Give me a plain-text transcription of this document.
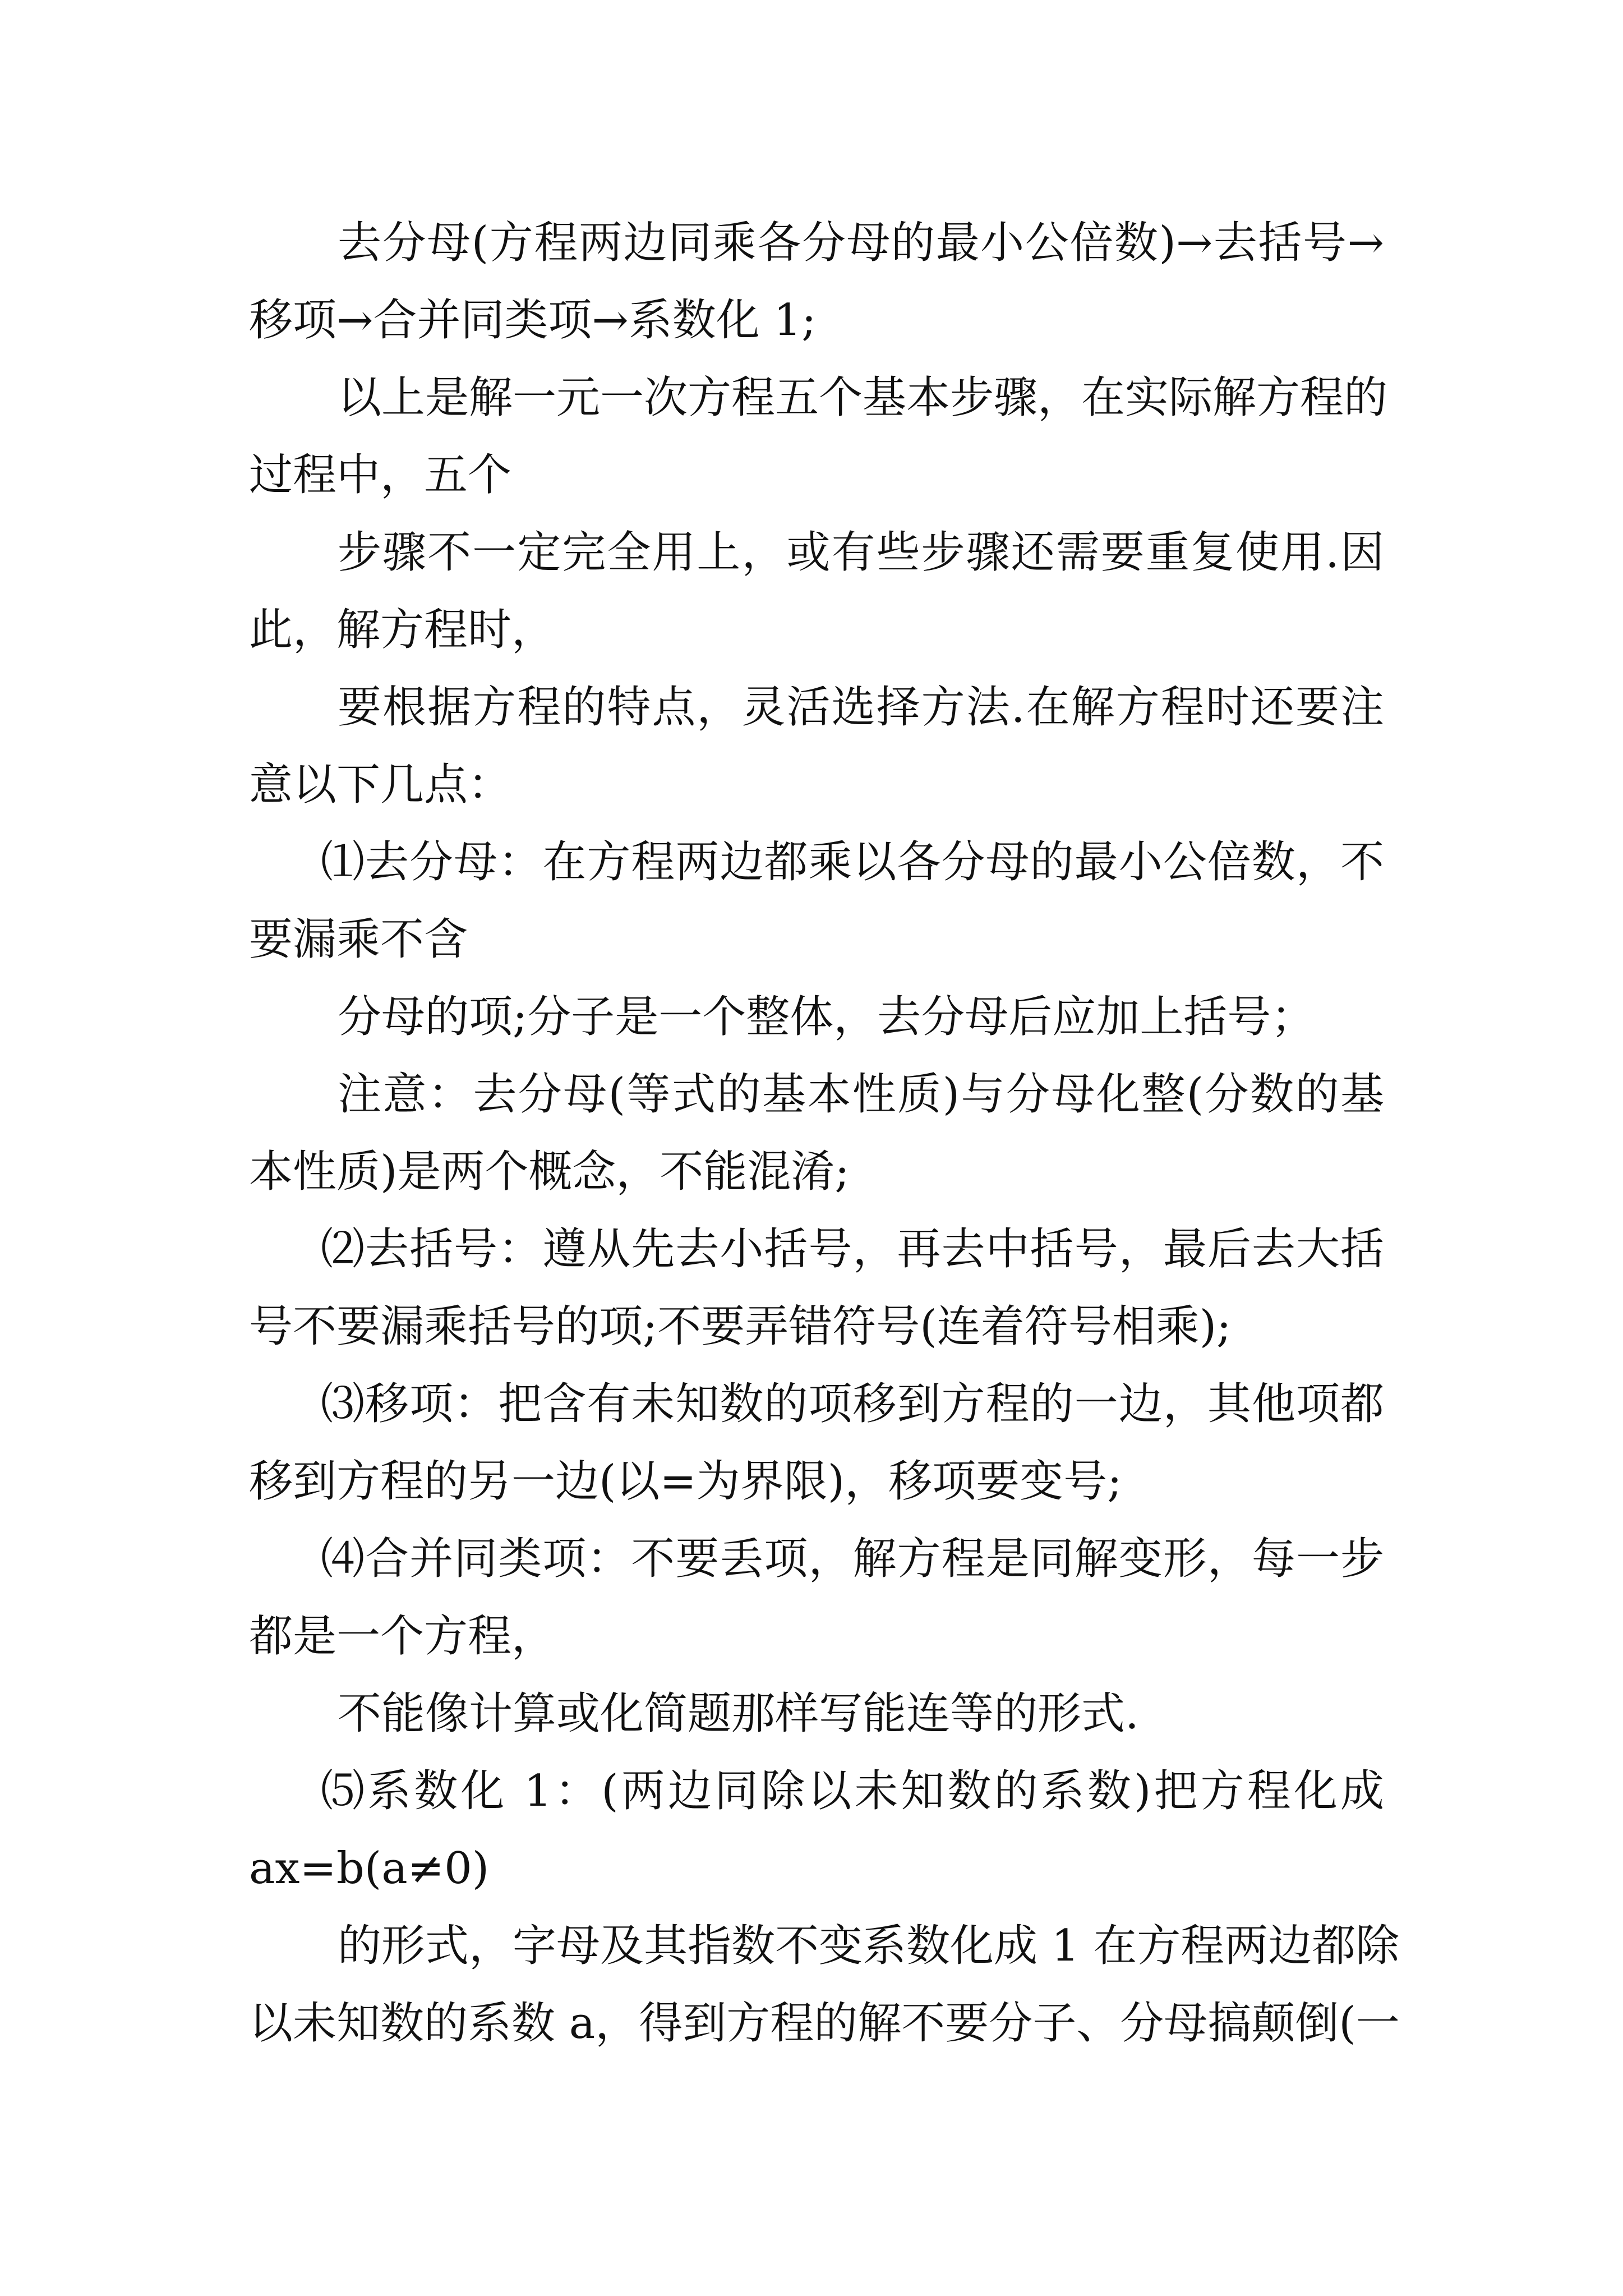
去分母(方程两边同乘各分母的最小公倍数)→去括号→
移项→合并同类项→系数化 1;
以上是解一元一次方程五个基本步骤，在实际解方程的
过程中，五个
步骤不一定完全用上，或有些步骤还需要重复使用.因
此，解方程时，
要根据方程的特点，灵活选择方法.在解方程时还要注
意以下几点：
⑴去分母：在方程两边都乘以各分母的最小公倍数，不
要漏乘不含
分母的项;分子是一个整体，去分母后应加上括号；
注意：去分母(等式的基本性质)与分母化整(分数的基
本性质)是两个概念，不能混淆;
⑵去括号：遵从先去小括号，再去中括号，最后去大括
号不要漏乘括号的项;不要弄错符号(连着符号相乘);
⑶移项：把含有未知数的项移到方程的一边，其他项都
移到方程的另一边(以=为界限)，移项要变号;
⑷合并同类项：不要丢项，解方程是同解变形，每一步
都是一个方程，
不能像计算或化简题那样写能连等的形式.
⑸系数化 1：(两边同除以未知数的系数)把方程化成
ax=b(a≠0)
的形式，字母及其指数不变系数化成 1 在方程两边都除
以未知数的系数 a，得到方程的解不要分子、分母搞颠倒(一
